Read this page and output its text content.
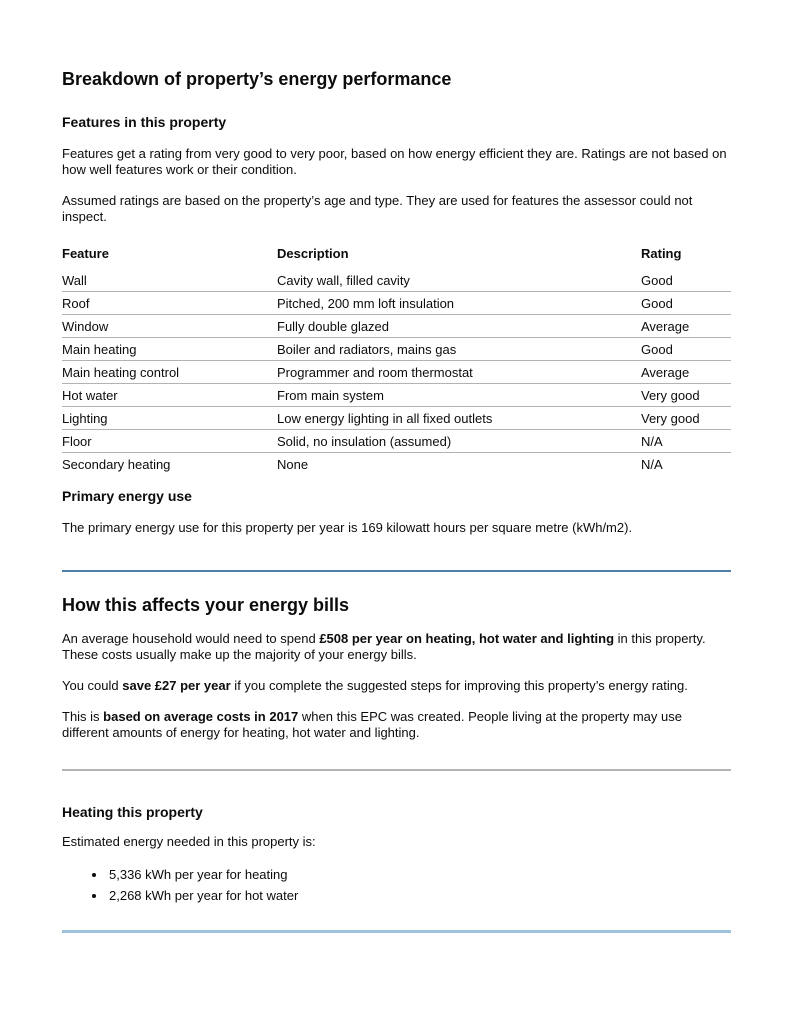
Breakdown of property’s energy performance
Features in this property

Features get a rating from very good to very poor, based on how energy efficient they are. Ratings are not based on how well features work or their condition.

Assumed ratings are based on the property’s age and type. They are used for features the assessor could not inspect.

Feature	Description	Rating
Wall	Cavity wall, filled cavity	Good
Roof	Pitched, 200 mm loft insulation	Good
Window	Fully double glazed	Average
Main heating	Boiler and radiators, mains gas	Good
Main heating control	Programmer and room thermostat	Average
Hot water	From main system	Very good
Lighting	Low energy lighting in all fixed outlets	Very good
Floor	Solid, no insulation (assumed)	N/A
Secondary heating	None	N/A
Primary energy use

The primary energy use for this property per year is 169 kilowatt hours per square metre (kWh/m2).

How this affects your energy bills

An average household would need to spend £508 per year on heating, hot water and lighting in this property. These costs usually make up the majority of your energy bills.

You could save £27 per year if you complete the suggested steps for improving this property’s energy rating.

This is based on average costs in 2017 when this EPC was created. People living at the property may use different amounts of energy for heating, hot water and lighting.

Heating this property

Estimated energy needed in this property is:

• 5,336 kWh per year for heating
• 2,268 kWh per year for hot water
